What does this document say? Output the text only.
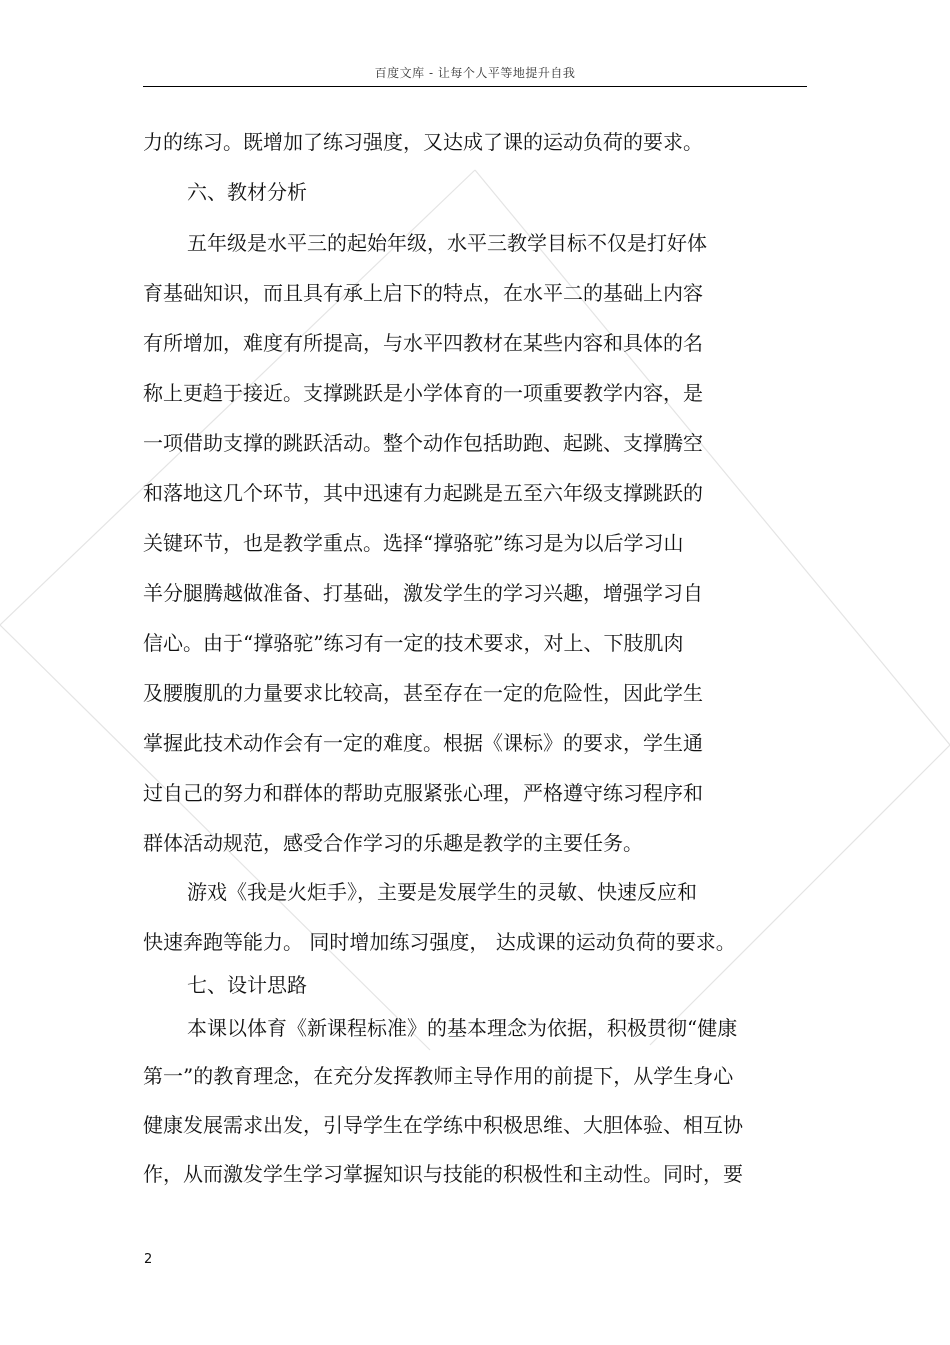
百度文库 - 让每个人平等地提升自我
力的练习。既增加了练习强度，又达成了课的运动负荷的要求。
六、教材分析
五年级是水平三的起始年级，水平三教学目标不仅是打好体
育基础知识，而且具有承上启下的特点，在水平二的基础上内容
有所增加，难度有所提高，与水平四教材在某些内容和具体的名
称上更趋于接近。支撑跳跃是小学体育的一项重要教学内容，是
一项借助支撑的跳跃活动。整个动作包括助跑、起跳、支撑腾空
和落地这几个环节，其中迅速有力起跳是五至六年级支撑跳跃的
关键环节，也是教学重点。选择“撑骆驼”练习是为以后学习山
羊分腿腾越做准备、打基础，激发学生的学习兴趣，增强学习自
信心。由于“撑骆驼”练习有一定的技术要求，对上、下肢肌肉
及腰腹肌的力量要求比较高，甚至存在一定的危险性，因此学生
掌握此技术动作会有一定的难度。根据《课标》的要求，学生通
过自己的努力和群体的帮助克服紧张心理，严格遵守练习程序和
群体活动规范，感受合作学习的乐趣是教学的主要任务。
游戏《我是火炬手》，主要是发展学生的灵敏、快速反应和
快速奔跑等能力。 同时增加练习强度， 达成课的运动负荷的要求。
七、设计思路
本课以体育《新课程标准》的基本理念为依据，积极贯彻“健康
第一”的教育理念，在充分发挥教师主导作用的前提下，从学生身心
健康发展需求出发，引导学生在学练中积极思维、大胆体验、相互协
作，从而激发学生学习掌握知识与技能的积极性和主动性。同时，要
2
